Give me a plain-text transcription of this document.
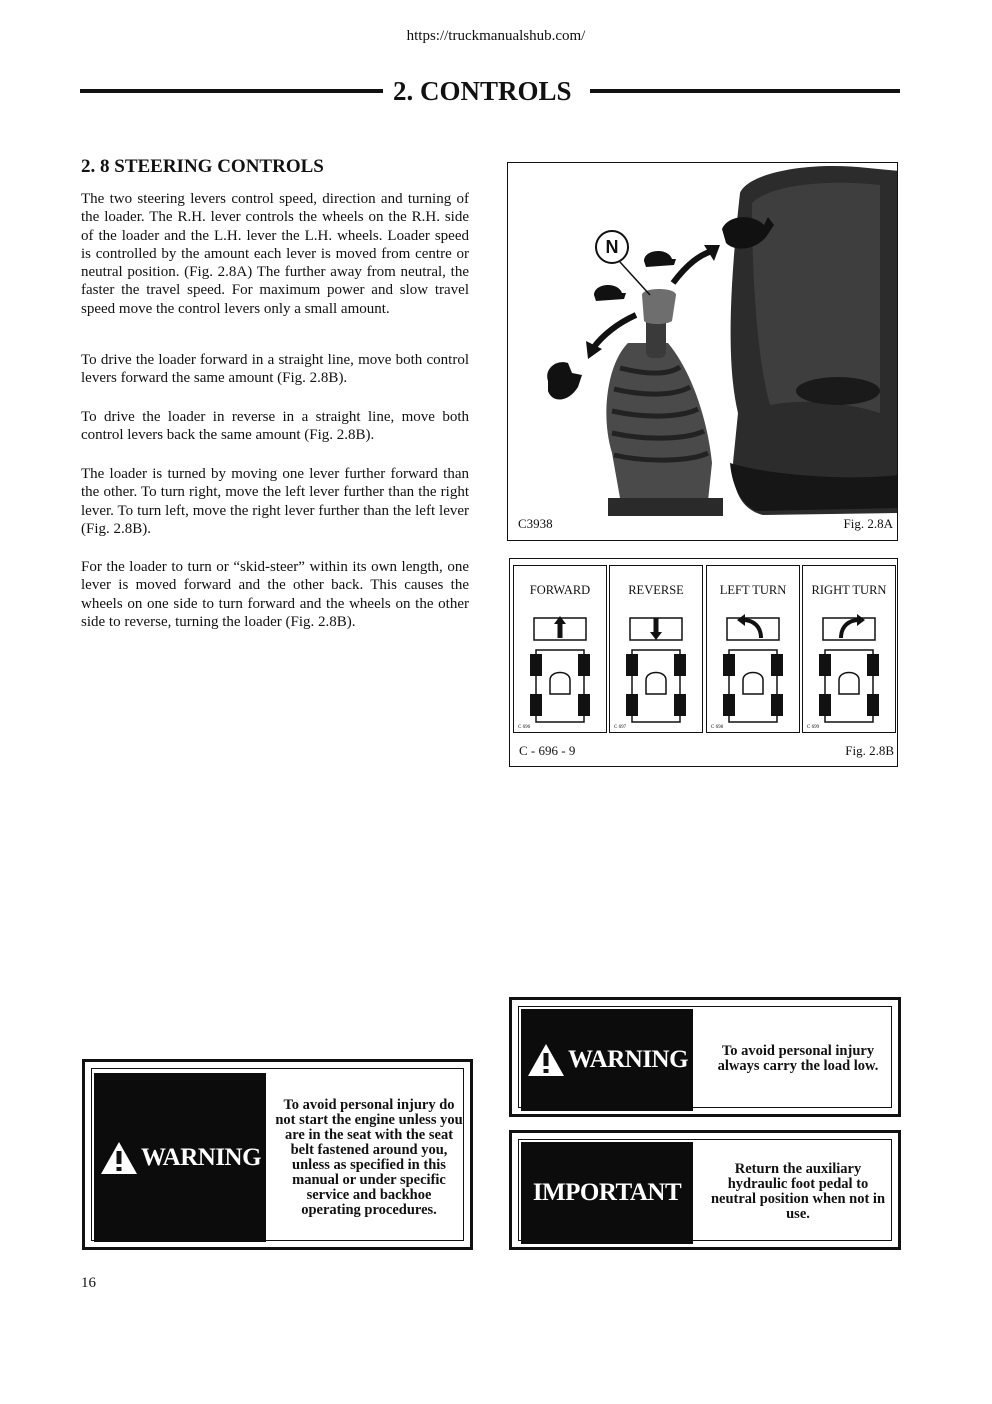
https://truckmanualshub.com/
2. CONTROLS
2. 8 STEERING CONTROLS

The two steering levers control speed, direction and turning of the loader. The R.H. lever controls the wheels on the R.H. side of the loader and the L.H. lever the L.H. wheels. Loader speed is controlled by the amount each lever is moved from centre or neutral position. (Fig. 2.8A) The further away from neutral, the faster the travel speed. For maximum power and slow travel speed move the control levers only a small amount.

To drive the loader forward in a straight line, move both control levers forward the same amount (Fig. 2.8B).

To drive the loader in reverse in a straight line, move both control levers back the same amount (Fig. 2.8B).

The loader is turned by moving one lever further forward than the other. To turn right, move the left lever further than the right lever. To turn left, move the right lever further than the left lever (Fig. 2.8B).

For the loader to turn or “skid-steer” within its own length, one lever is moved forward and the other back. This causes the wheels on one side to turn forward and the wheels on the other side to reverse, turning the loader (Fig. 2.8B).

N
C3938	Fig. 2.8A
FORWARD
C 696
REVERSE
C 697
LEFT TURN
C 698
RIGHT TURN
C 699
C - 696 - 9	Fig. 2.8B
WARNING
To avoid personal injury do not start the engine unless you are in the seat with the seat belt fastened around you, unless as specified in this manual or under specific service and backhoe operating procedures.
WARNING	To avoid personal injury always carry the load low.
IMPORTANT
Return the auxiliary hydraulic foot pedal to neutral position when not in use.
16
